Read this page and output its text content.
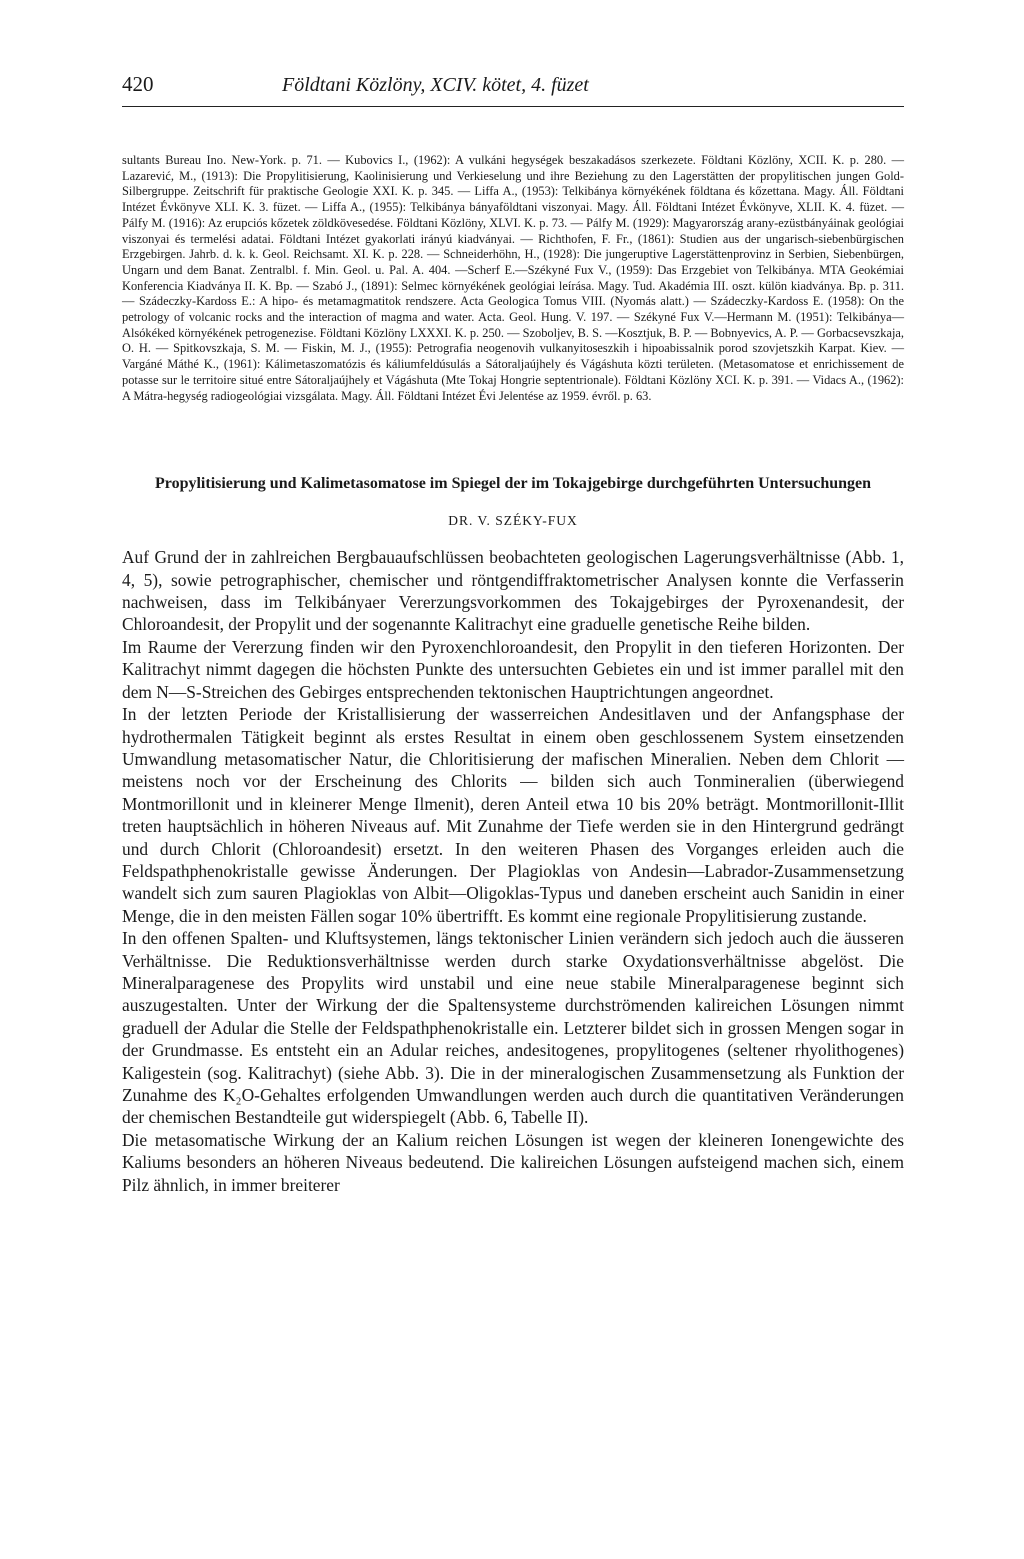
420	Földtani Közlöny, XCIV. kötet, 4. füzet

sultants Bureau Ino. New-York. p. 71. — Kubovics I., (1962): A vulkáni hegységek beszakadásos szerkezete. Földtani Közlöny, XCII. K. p. 280. — Lazarević, M., (1913): Die Propylitisierung, Kaolinisierung und Verkieselung und ihre Beziehung zu den Lagerstätten der propylitischen jungen Gold-Silbergruppe. Zeitschrift für praktische Geologie XXI. K. p. 345. — Liffa A., (1953): Telkibánya környékének földtana és kőzettana. Magy. Áll. Földtani Intézet Évkönyve XLI. K. 3. füzet. — Liffa A., (1955): Telkibánya bányaföldtani viszonyai. Magy. Áll. Földtani Intézet Évkönyve, XLII. K. 4. füzet. — Pálfy M. (1916): Az erupciós kőzetek zöldkövesedése. Földtani Közlöny, XLVI. K. p. 73. — Pálfy M. (1929): Magyarország arany-ezüstbányáinak geológiai viszonyai és termelési adatai. Földtani Intézet gyakorlati irányú kiadványai. — Richthofen, F. Fr., (1861): Studien aus der ungarisch-siebenbürgischen Erzgebirgen. Jahrb. d. k. k. Geol. Reichsamt. XI. K. p. 228. — Schneiderhöhn, H., (1928): Die jungeruptive Lagerstättenprovinz in Serbien, Siebenbürgen, Ungarn und dem Banat. Zentralbl. f. Min. Geol. u. Pal. A. 404. —Scherf E.—Székyné Fux V., (1959): Das Erzgebiet von Telkibánya. MTA Geokémiai Konferencia Kiadványa II. K. Bp. — Szabó J., (1891): Selmec környékének geológiai leírása. Magy. Tud. Akadémia III. oszt. külön kiadványa. Bp. p. 311. — Szádeczky-Kardoss E.: A hipo- és metamagmatitok rendszere. Acta Geologica Tomus VIII. (Nyomás alatt.) — Szádeczky-Kardoss E. (1958): On the petrology of volcanic rocks and the interaction of magma and water. Acta. Geol. Hung. V. 197. — Székyné Fux V.—Hermann M. (1951): Telkibánya—Alsókéked környékének petrogenezise. Földtani Közlöny LXXXI. K. p. 250. — Szoboljev, B. S. —Kosztjuk, B. P. — Bobnyevics, A. P. — Gorbacsevszkaja, O. H. — Spitkovszkaja, S. M. — Fiskin, M. J., (1955): Petrografia neogenovih vulkanyitoseszkih i hipoabissalnik porod szovjetszkih Karpat. Kiev. — Vargáné Máthé K., (1961): Kálimetaszomatózis és káliumfeldúsulás a Sátoraljaújhely és Vágáshuta közti területen. (Metasomatose et enrichissement de potasse sur le territoire situé entre Sátoraljaújhely et Vágáshuta (Mte Tokaj Hongrie septentrionale). Földtani Közlöny XCI. K. p. 391. — Vidacs A., (1962): A Mátra-hegység radiogeológiai vizsgálata. Magy. Áll. Földtani Intézet Évi Jelentése az 1959. évről. p. 63.

Propylitisierung und Kalimetasomatose im Spiegel der im Tokajgebirge durchgeführten Untersuchungen
DR. V. SZÉKY-FUX

Auf Grund der in zahlreichen Bergbauaufschlüssen beobachteten geologischen Lagerungsverhältnisse (Abb. 1, 4, 5), sowie petrographischer, chemischer und röntgendiffraktometrischer Analysen konnte die Verfasserin nachweisen, dass im Telkibányaer Vererzungsvorkommen des Tokajgebirges der Pyroxenandesit, der Chloroandesit, der Propylit und der sogenannte Kalitrachyt eine graduelle genetische Reihe bilden.

Im Raume der Vererzung finden wir den Pyroxenchloroandesit, den Propylit in den tieferen Horizonten. Der Kalitrachyt nimmt dagegen die höchsten Punkte des untersuchten Gebietes ein und ist immer parallel mit den dem N—S-Streichen des Gebirges entsprechenden tektonischen Hauptrichtungen angeordnet.

In der letzten Periode der Kristallisierung der wasserreichen Andesitlaven und der Anfangsphase der hydrothermalen Tätigkeit beginnt als erstes Resultat in einem oben geschlossenem System einsetzenden Umwandlung metasomatischer Natur, die Chloritisierung der mafischen Mineralien. Neben dem Chlorit — meistens noch vor der Erscheinung des Chlorits — bilden sich auch Tonmineralien (überwiegend Montmorillonit und in kleinerer Menge Ilmenit), deren Anteil etwa 10 bis 20% beträgt. Montmorillonit-Illit treten hauptsächlich in höheren Niveaus auf. Mit Zunahme der Tiefe werden sie in den Hintergrund gedrängt und durch Chlorit (Chloroandesit) ersetzt. In den weiteren Phasen des Vorganges erleiden auch die Feldspathphenokristalle gewisse Änderungen. Der Plagioklas von Andesin—Labrador-Zusammensetzung wandelt sich zum sauren Plagioklas von Albit—Oligoklas-Typus und daneben erscheint auch Sanidin in einer Menge, die in den meisten Fällen sogar 10% übertrifft. Es kommt eine regionale Propylitisierung zustande.

In den offenen Spalten- und Kluftsystemen, längs tektonischer Linien verändern sich jedoch auch die äusseren Verhältnisse. Die Reduktionsverhältnisse werden durch starke Oxydationsverhältnisse abgelöst. Die Mineralparagenese des Propylits wird unstabil und eine neue stabile Mineralparagenese beginnt sich auszugestalten. Unter der Wirkung der die Spaltensysteme durchströmenden kalireichen Lösungen nimmt graduell der Adular die Stelle der Feldspathphenokristalle ein. Letzterer bildet sich in grossen Mengen sogar in der Grundmasse. Es entsteht ein an Adular reiches, andesitogenes, propylitogenes (seltener rhyolithogenes) Kaligestein (sog. Kalitrachyt) (siehe Abb. 3). Die in der mineralogischen Zusammensetzung als Funktion der Zunahme des K₂O-Gehaltes erfolgenden Umwandlungen werden auch durch die quantitativen Veränderungen der chemischen Bestandteile gut widerspiegelt (Abb. 6, Tabelle II).

Die metasomatische Wirkung der an Kalium reichen Lösungen ist wegen der kleineren Ionengewichte des Kaliums besonders an höheren Niveaus bedeutend. Die kalireichen Lösungen aufsteigend machen sich, einem Pilz ähnlich, in immer breiterer
